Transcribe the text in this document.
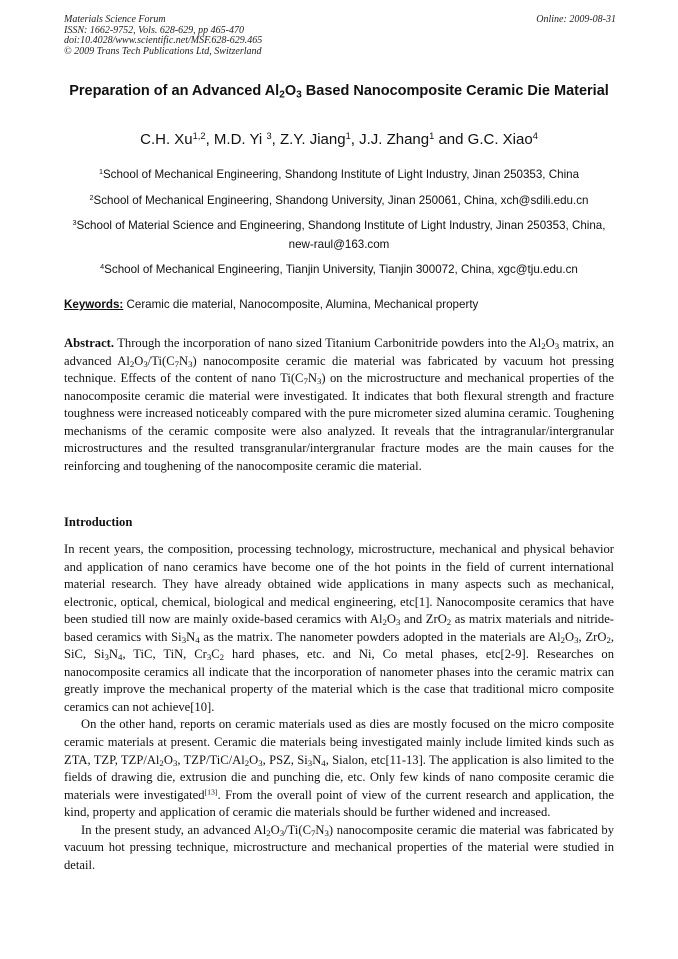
Materials Science Forum
ISSN: 1662-9752, Vols. 628-629, pp 465-470
doi:10.4028/www.scientific.net/MSF.628-629.465
© 2009 Trans Tech Publications Ltd, Switzerland
Online: 2009-08-31
Preparation of an Advanced $Al_2O_3$ Based Nanocomposite Ceramic Die Material
C.H. Xu$^{1,2}$, M.D. Yi $^3$, Z.Y. Jiang$^1$, J.J. Zhang$^1$ and G.C. Xiao$^4$
$^1$School of Mechanical Engineering, Shandong Institute of Light Industry, Jinan 250353, China
$^2$School of Mechanical Engineering, Shandong University, Jinan 250061, China, xch@sdili.edu.cn
$^3$School of Material Science and Engineering, Shandong Institute of Light Industry, Jinan 250353, China, new-raul@163.com
$^4$School of Mechanical Engineering, Tianjin University, Tianjin 300072, China, xgc@tju.edu.cn
Keywords: Ceramic die material, Nanocomposite, Alumina, Mechanical property
Abstract. Through the incorporation of nano sized Titanium Carbonitride powders into the $Al_2O_3$ matrix, an advanced $Al_2O_3/Ti(C_7N_3)$ nanocomposite ceramic die material was fabricated by vacuum hot pressing technique. Effects of the content of nano $Ti(C_7N_3)$ on the microstructure and mechanical properties of the nanocomposite ceramic die material were investigated. It indicates that both flexural strength and fracture toughness were increased noticeably compared with the pure micrometer sized alumina ceramic. Toughening mechanisms of the ceramic composite were also analyzed. It reveals that the intragranular/intergranular microstructures and the resulted transgranular/intergranular fracture modes are the main causes for the reinforcing and toughening of the nanocomposite ceramic die material.
Introduction

In recent years, the composition, processing technology, microstructure, mechanical and physical behavior and application of nano ceramics have become one of the hot points in the field of current international material research. They have already obtained wide applications in many aspects such as mechanical, electronic, optical, chemical, biological and medical engineering, etc[1]. Nanocomposite ceramics that have been studied till now are mainly oxide-based ceramics with $Al_2O_3$ and ZrO$_2$ as matrix materials and nitride-based ceramics with $Si_3N_4$ as the matrix. The nanometer powders adopted in the materials are $Al_2O_3$, ZrO$_2$, SiC, $Si_3N_4$, TiC, TiN, $Cr_3C_2$ hard phases, etc. and Ni, Co metal phases, etc[2-9]. Researches on nanocomposite ceramics all indicate that the incorporation of nanometer phases into the ceramic matrix can greatly improve the mechanical property of the material which is the case that traditional micro composite ceramics can not achieve[10].

On the other hand, reports on ceramic materials used as dies are mostly focused on the micro composite ceramic materials at present. Ceramic die materials being investigated mainly include limited kinds such as ZTA, TZP, TZP/$Al_2O_3$, TZP/$TiC/Al_2O_3$, PSZ, $Si_3N_4$, Sialon, etc[11-13]. The application is also limited to the fields of drawing die, extrusion die and punching die, etc. Only few kinds of nano composite ceramic die materials were investigated[13]. From the overall point of view of the current research and application, the kind, property and application of ceramic die materials should be further widened and increased.

In the present study, an advanced $Al_2O_3/Ti(C_7N_3)$ nanocomposite ceramic die material was fabricated by vacuum hot pressing technique, microstructure and mechanical properties of the material were studied in detail.
